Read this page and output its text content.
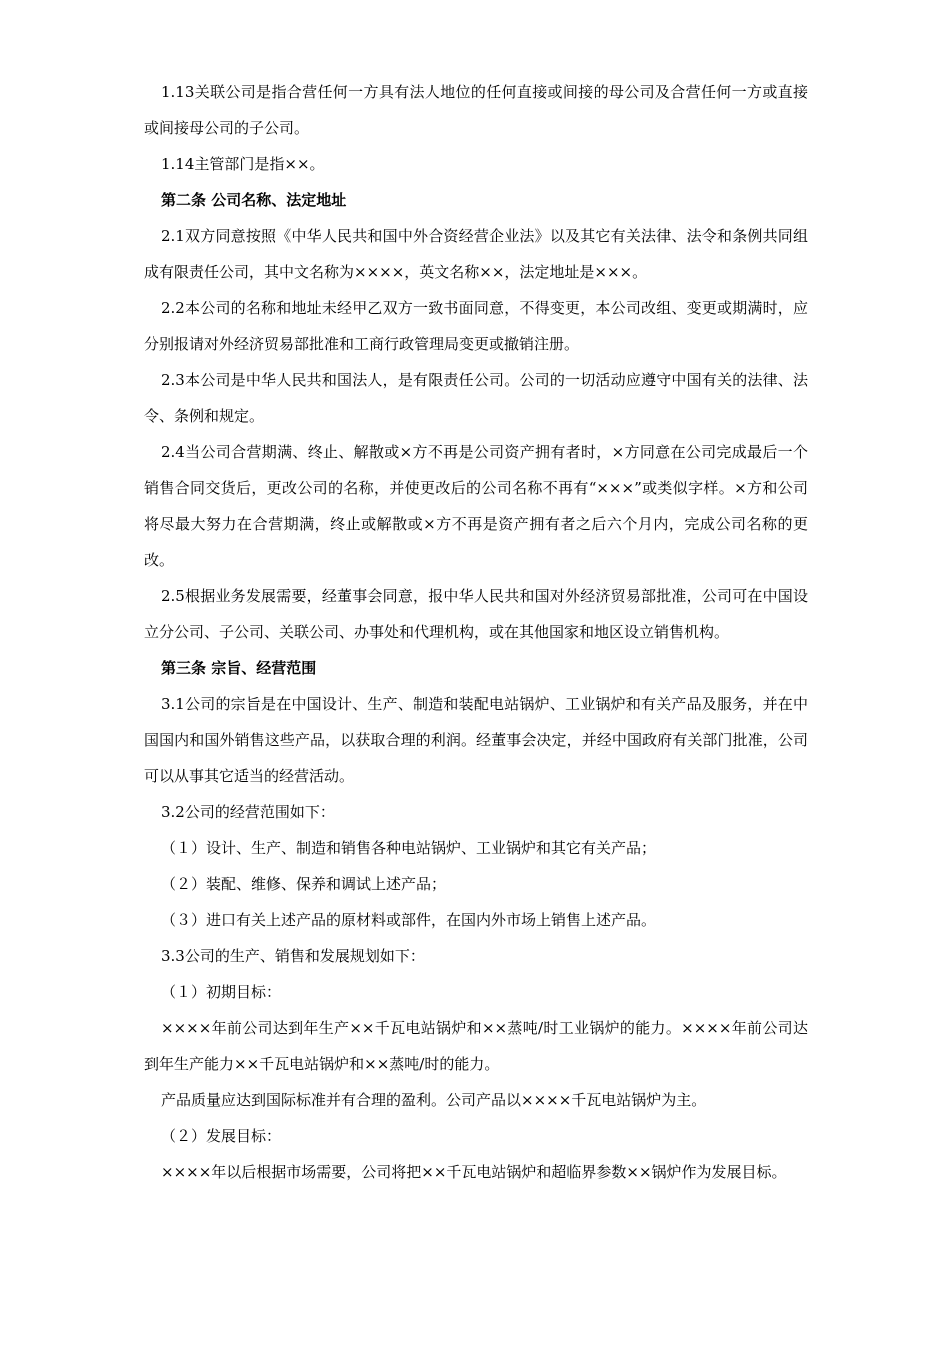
1.13关联公司是指合营任何一方具有法人地位的任何直接或间接的母公司及合营任何一方或直接或间接母公司的子公司。

1.14主管部门是指××。

第二条 公司名称、法定地址

2.1双方同意按照《中华人民共和国中外合资经营企业法》以及其它有关法律、法令和条例共同组成有限责任公司，其中文名称为××××，英文名称××，法定地址是×××。

2.2本公司的名称和地址未经甲乙双方一致书面同意，不得变更，本公司改组、变更或期满时，应分别报请对外经济贸易部批准和工商行政管理局变更或撤销注册。

2.3本公司是中华人民共和国法人，是有限责任公司。公司的一切活动应遵守中国有关的法律、法令、条例和规定。

2.4当公司合营期满、终止、解散或×方不再是公司资产拥有者时，×方同意在公司完成最后一个销售合同交货后，更改公司的名称，并使更改后的公司名称不再有“×××”或类似字样。×方和公司将尽最大努力在合营期满，终止或解散或×方不再是资产拥有者之后六个月内，完成公司名称的更改。

2.5根据业务发展需要，经董事会同意，报中华人民共和国对外经济贸易部批准，公司可在中国设立分公司、子公司、关联公司、办事处和代理机构，或在其他国家和地区设立销售机构。

第三条 宗旨、经营范围

3.1公司的宗旨是在中国设计、生产、制造和装配电站锅炉、工业锅炉和有关产品及服务，并在中国国内和国外销售这些产品，以获取合理的利润。经董事会决定，并经中国政府有关部门批准，公司可以从事其它适当的经营活动。

3.2公司的经营范围如下：

（１）设计、生产、制造和销售各种电站锅炉、工业锅炉和其它有关产品；

（２）装配、维修、保养和调试上述产品；

（３）进口有关上述产品的原材料或部件，在国内外市场上销售上述产品。

3.3公司的生产、销售和发展规划如下：

（１）初期目标：

××××年前公司达到年生产××千瓦电站锅炉和××蒸吨/时工业锅炉的能力。××××年前公司达到年生产能力××千瓦电站锅炉和××蒸吨/时的能力。

产品质量应达到国际标准并有合理的盈利。公司产品以××××千瓦电站锅炉为主。

（２）发展目标：

××××年以后根据市场需要，公司将把××千瓦电站锅炉和超临界参数××锅炉作为发展目标。
